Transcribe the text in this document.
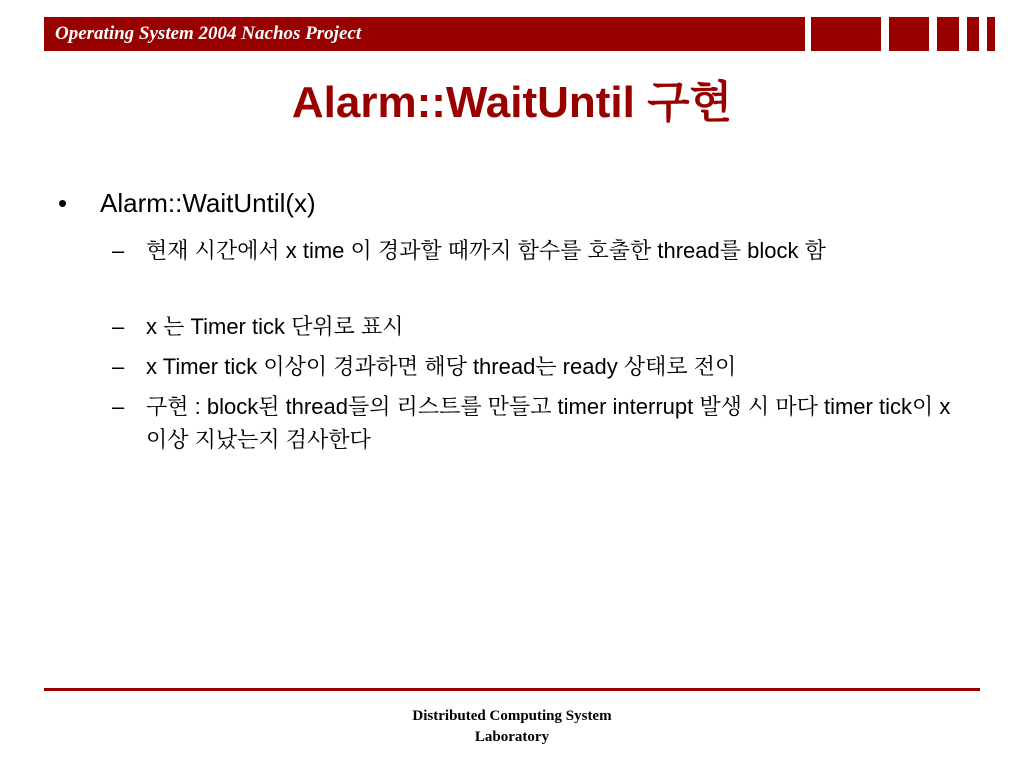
Operating System 2004 Nachos Project
Alarm::WaitUntil 구현
• Alarm::WaitUntil(x)
– 현재 시간에서 x time 이 경과할 때까지 함수를 호출한 thread를 block 함
– x 는 Timer tick 단위로 표시
– x Timer tick 이상이 경과하면 해당 thread는 ready 상태로 전이
– 구현 : block된 thread들의 리스트를 만들고 timer interrupt 발생 시 마다 timer tick이 x 이상 지났는지 검사한다
Distributed Computing System
Laboratory
